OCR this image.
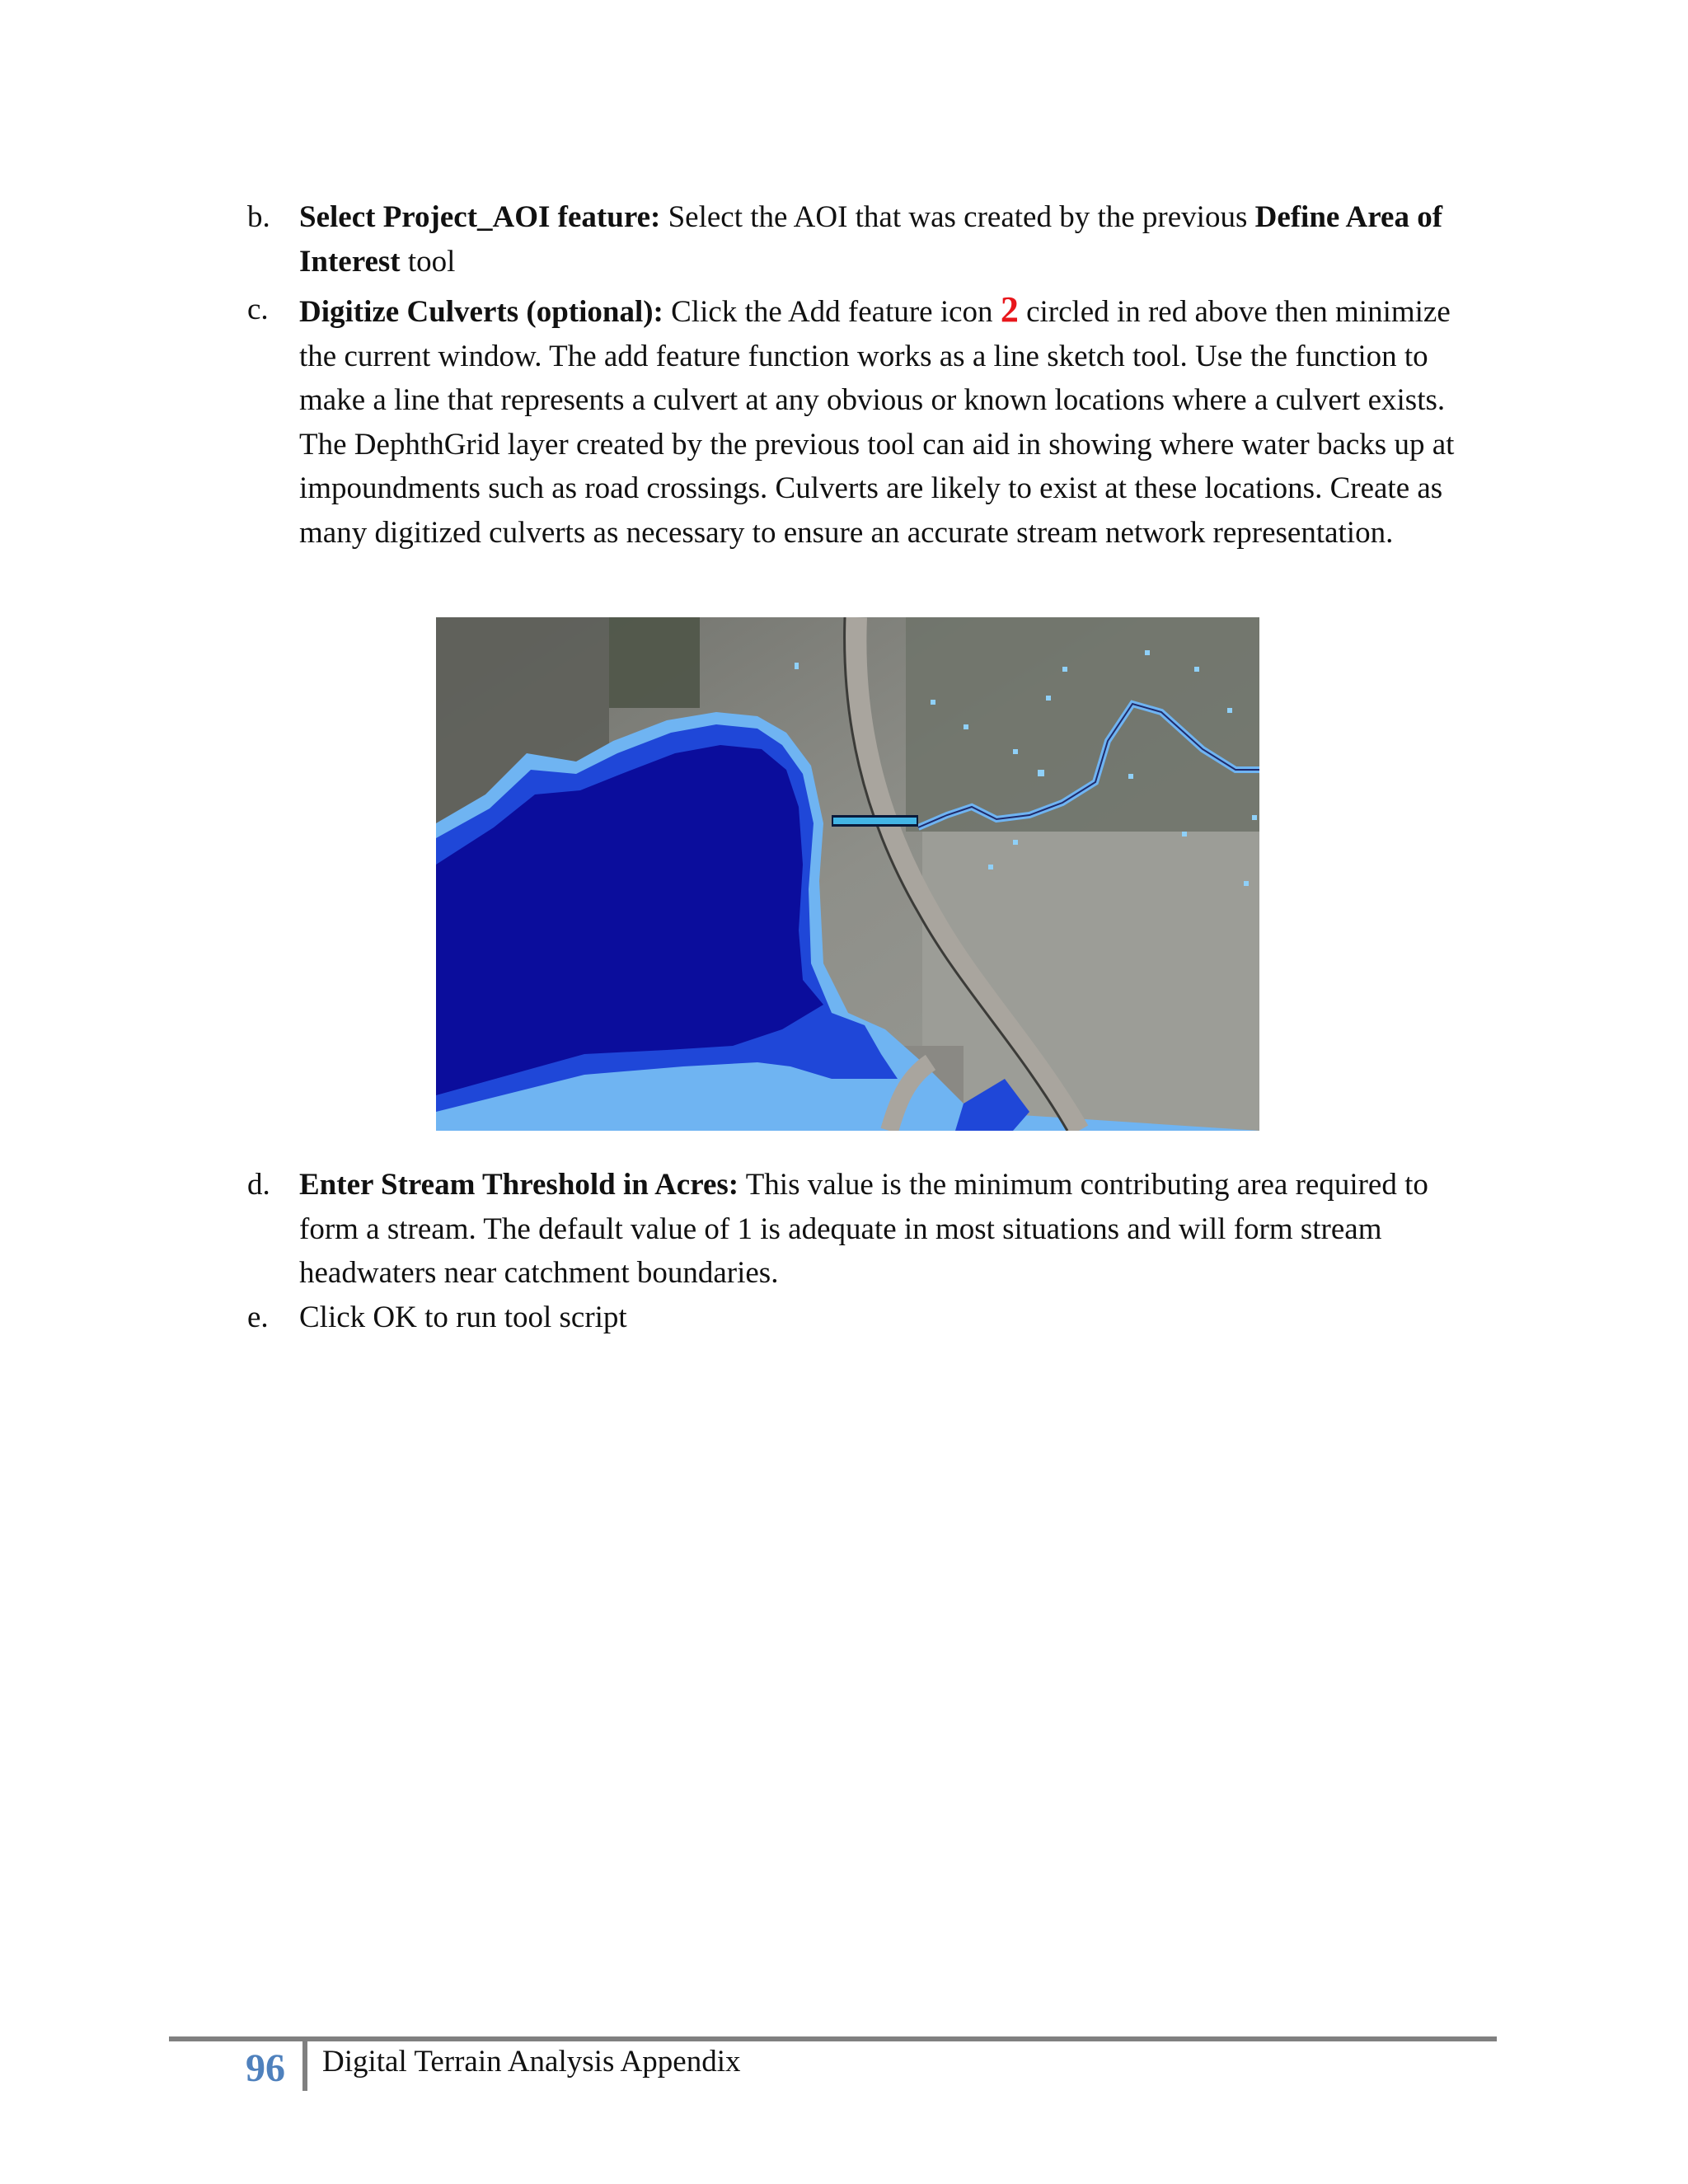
b. Select Project_AOI feature: Select the AOI that was created by the previous Define Area of Interest tool
c. Digitize Culverts (optional): Click the Add feature icon 2 circled in red above then minimize the current window. The add feature function works as a line sketch tool. Use the function to make a line that represents a culvert at any obvious or known locations where a culvert exists. The DephthGrid layer created by the previous tool can aid in showing where water backs up at impoundments such as road crossings. Culverts are likely to exist at these locations. Create as many digitized culverts as necessary to ensure an accurate stream network representation.
d. Enter Stream Threshold in Acres: This value is the minimum contributing area required to form a stream. The default value of 1 is adequate in most situations and will form stream headwaters near catchment boundaries.
e. Click OK to run tool script
96 Digital Terrain Analysis Appendix
